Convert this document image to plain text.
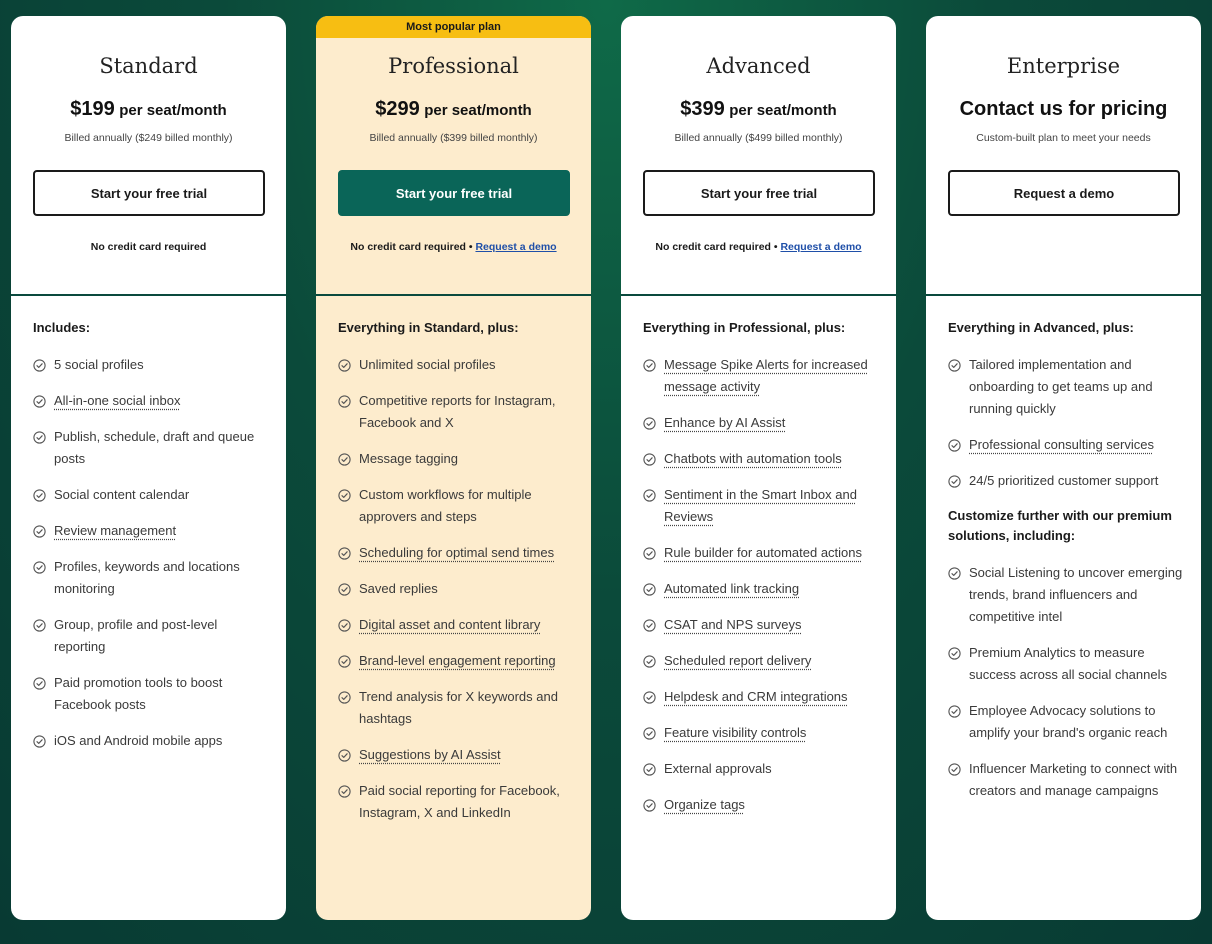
Standard
$199 per seat/month
Billed annually ($249 billed monthly)
Start your free trial
No credit card required
Includes:
5 social profiles
All-in-one social inbox
Publish, schedule, draft and queue posts
Social content calendar
Review management
Profiles, keywords and locations monitoring
Group, profile and post-level reporting
Paid promotion tools to boost Facebook posts
iOS and Android mobile apps
Most popular plan
Professional
$299 per seat/month
Billed annually ($399 billed monthly)
Start your free trial
No credit card required • Request a demo
Everything in Standard, plus:
Unlimited social profiles
Competitive reports for Instagram, Facebook and X
Message tagging
Custom workflows for multiple approvers and steps
Scheduling for optimal send times
Saved replies
Digital asset and content library
Brand-level engagement reporting
Trend analysis for X keywords and hashtags
Suggestions by AI Assist
Paid social reporting for Facebook, Instagram, X and LinkedIn
Advanced
$399 per seat/month
Billed annually ($499 billed monthly)
Start your free trial
No credit card required • Request a demo
Everything in Professional, plus:
Message Spike Alerts for increased message activity
Enhance by AI Assist
Chatbots with automation tools
Sentiment in the Smart Inbox and Reviews
Rule builder for automated actions
Automated link tracking
CSAT and NPS surveys
Scheduled report delivery
Helpdesk and CRM integrations
Feature visibility controls
External approvals
Organize tags
Enterprise
Contact us for pricing
Custom-built plan to meet your needs
Request a demo
Everything in Advanced, plus:
Tailored implementation and onboarding to get teams up and running quickly
Professional consulting services
24/5 prioritized customer support
Customize further with our premium solutions, including:
Social Listening to uncover emerging trends, brand influencers and competitive intel
Premium Analytics to measure success across all social channels
Employee Advocacy solutions to amplify your brand's organic reach
Influencer Marketing to connect with creators and manage campaigns
